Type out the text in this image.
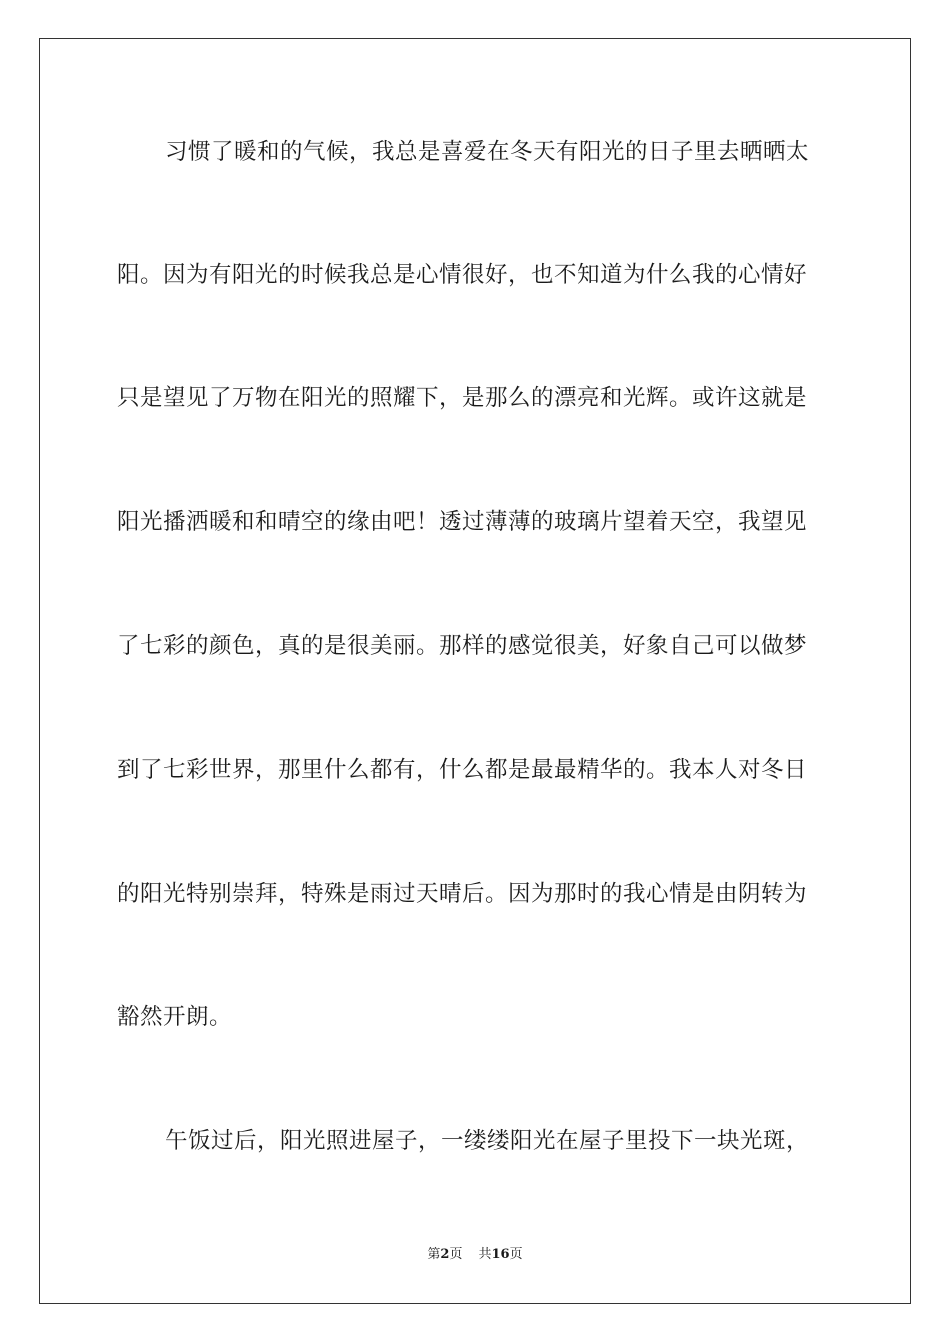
习惯了暖和的气候，我总是喜爱在冬天有阳光的日子里去晒晒太
阳。因为有阳光的时候我总是心情很好，也不知道为什么我的心情好
只是望见了万物在阳光的照耀下，是那么的漂亮和光辉。或许这就是
阳光播洒暖和和晴空的缘由吧！透过薄薄的玻璃片望着天空，我望见
了七彩的颜色，真的是很美丽。那样的感觉很美，好象自己可以做梦
到了七彩世界，那里什么都有，什么都是最最精华的。我本人对冬日
的阳光特别崇拜，特殊是雨过天晴后。因为那时的我心情是由阴转为
豁然开朗。
午饭过后，阳光照进屋子，一缕缕阳光在屋子里投下一块光斑，
第2页 共16页
